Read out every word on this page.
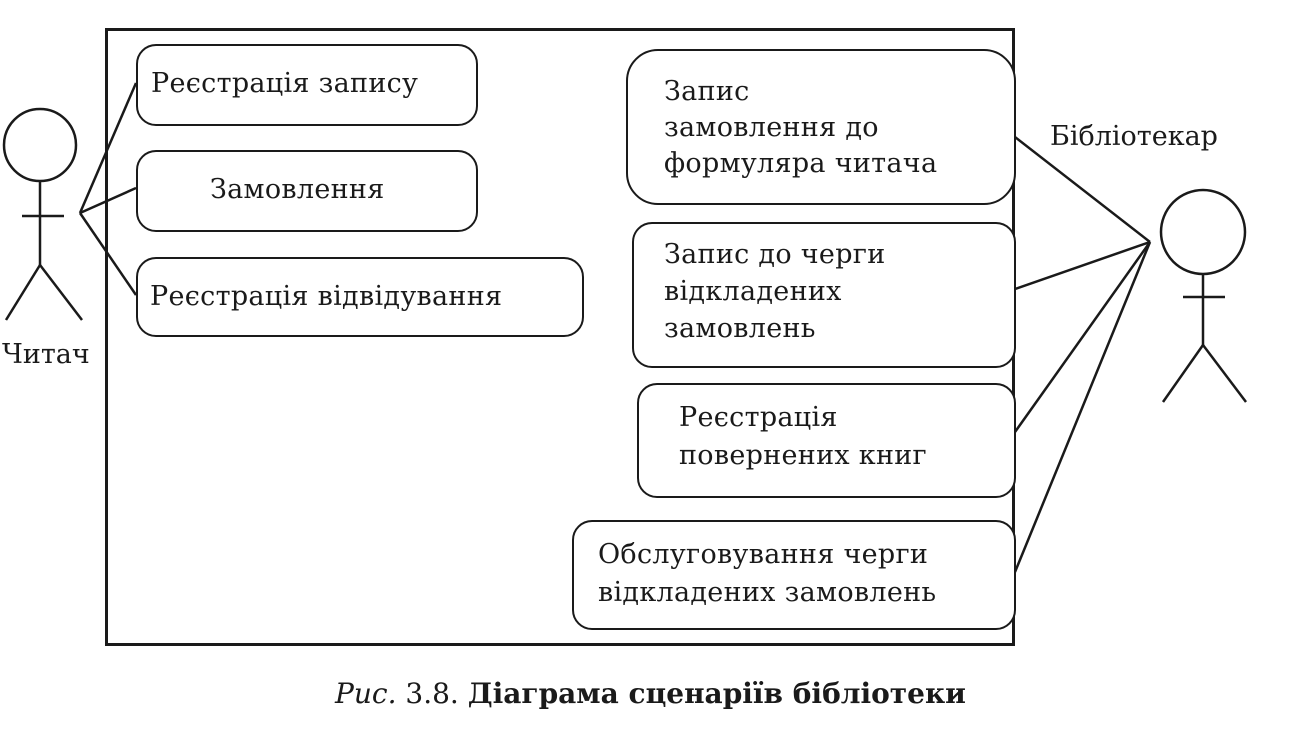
Реєстрація запису
Замовлення
Реєстрація відвідування
Запис
замовлення до
формуляра читача
Запис до черги
відкладених
замовлень
Реєстрація
повернених книг
Обслуговування черги
відкладених замовлень
Читач
Бібліотекар
Рис. 3.8. Діаграма сценаріїв бібліотеки
